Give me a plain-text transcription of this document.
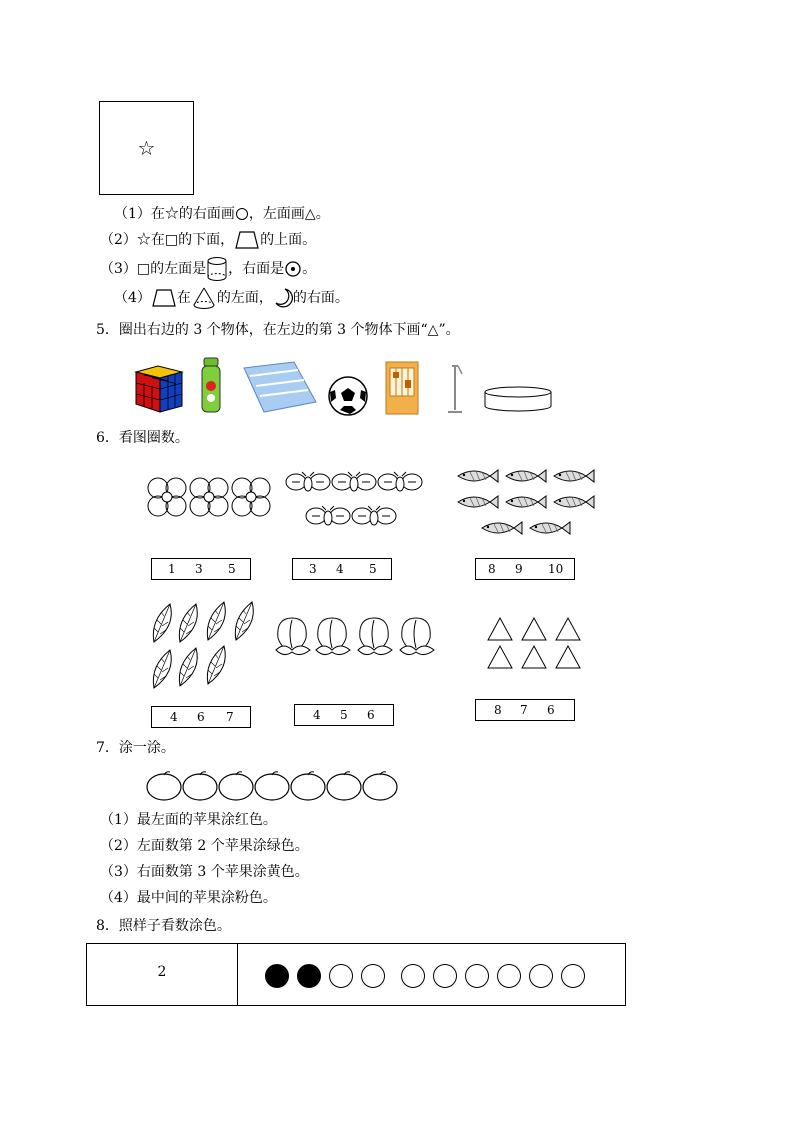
☆
（1）在☆的右面画 ，左面画△。
（2）☆在□的下面， 的上面。
（3）□的左面是 ，右面是 。
（4） 在 的左面， 的右面。
5．圈出右边的 3 个物体，在左边的第 3 个物体下画“△”。
6．看图圈数。
1 3 5	3 4 5	8 9 10
4 6 7	4 5 6	8 7 6
7．涂一涂。
（1）最左面的苹果涂红色。
（2）左面数第 2 个苹果涂绿色。
（3）右面数第 3 个苹果涂黄色。
（4）最中间的苹果涂粉色。
8．照样子看数涂色。
2
